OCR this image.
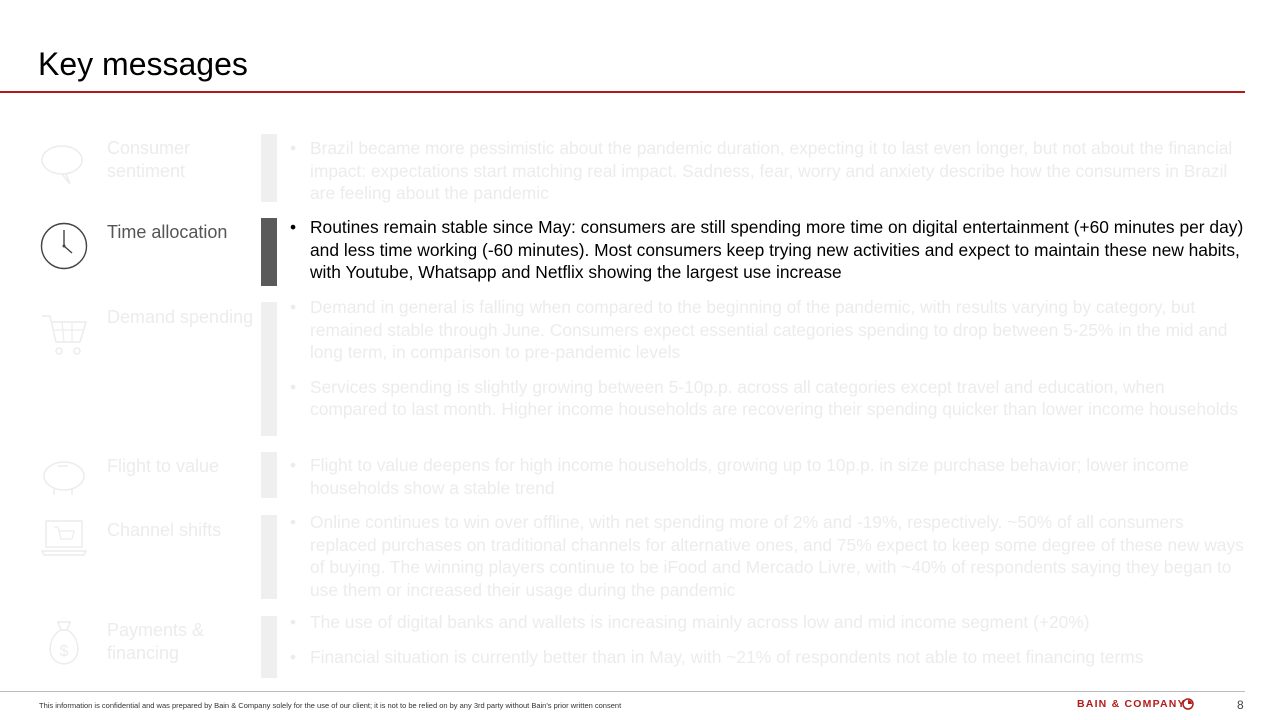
Key messages
Consumer sentiment
• Brazil became more pessimistic about the pandemic duration, expecting it to last even longer, but not about the financial impact: expectations start matching real impact. Sadness, fear, worry and anxiety describe how the consumers in Brazil are feeling about the pandemic
Time allocation	• Routines remain stable since May: consumers are still spending more time on digital entertainment (+60 minutes per day) and less time working (-60 minutes). Most consumers keep trying new activities and expect to maintain these new habits, with Youtube, Whatsapp and Netflix showing the largest use increase
Demand spending • Demand in general is falling when compared to the beginning of the pandemic, with results varying by category, but remained stable through June. Consumers expect essential categories spending to drop between 5-25% in the mid and long term, in comparison to pre-pandemic levels
• Services spending is slightly growing between 5-10p.p. across all categories except travel and education, when compared to last month. Higher income households are recovering their spending quicker than lower income households
Flight to value	• Flight to value deepens for high income households, growing up to 10p.p. in size purchase behavior; lower income households show a stable trend
Channel shifts	• Online continues to win over offline, with net spending more of 2% and -19%, respectively. ~50% of all consumers replaced purchases on traditional channels for alternative ones, and 75% expect to keep some degree of these new ways of buying. The winning players continue to be iFood and Mercado Livre, with ~40% of respondents saying they began to use them or increased their usage during the pandemic
$
Payments & financing
• The use of digital banks and wallets is increasing mainly across low and mid income segment (+20%)
• Financial situation is currently better than in May, with ~21% of respondents not able to meet financing terms
This information is confidential and was prepared by Bain & Company solely for the use of our client; it is not to be relied on by any 3rd party without Bain's prior written consent	BAIN & COMPANY	8
